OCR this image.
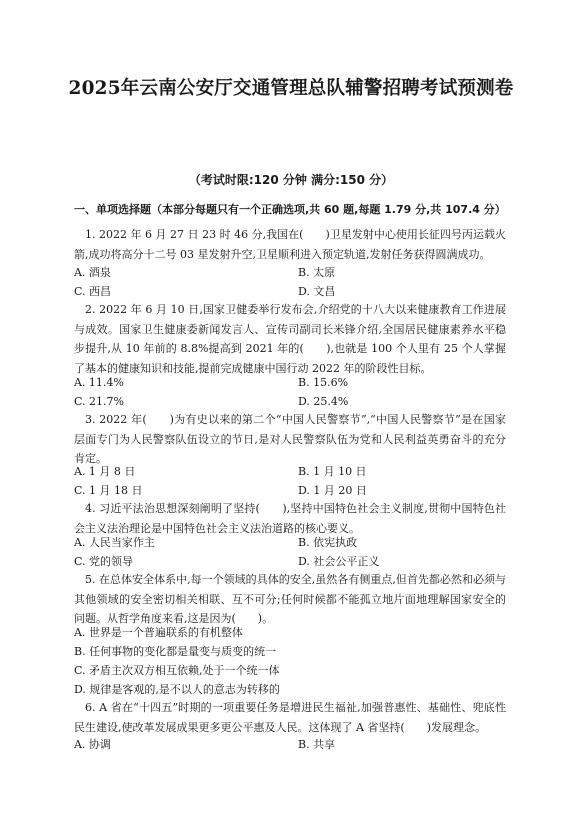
2025年云南公安厅交通管理总队辅警招聘考试预测卷
（考试时限:120 分钟 满分:150 分）
一、单项选择题（本部分每题只有一个正确选项,共 60 题,每题 1.79 分,共 107.4 分）
1. 2022 年 6 月 27 日 23 时 46 分,我国在(　　)卫星发射中心使用长征四号丙运载火箭,成功将高分十二号 03 星发射升空,卫星顺利进入预定轨道,发射任务获得圆满成功。
A. 酒泉	B. 太原
C. 西昌	D. 文昌
2. 2022 年 6 月 10 日,国家卫健委举行发布会,介绍党的十八大以来健康教育工作进展与成效。国家卫生健康委新闻发言人、宣传司副司长米锋介绍,全国居民健康素养水平稳步提升,从 10 年前的 8.8%提高到 2021 年的(　　),也就是 100 个人里有 25 个人掌握了基本的健康知识和技能,提前完成健康中国行动 2022 年的阶段性目标。
A. 11.4%	B. 15.6%
C. 21.7%	D. 25.4%
3. 2022 年(　　)为有史以来的第二个“中国人民警察节”,“中国人民警察节”是在国家层面专门为人民警察队伍设立的节日,是对人民警察队伍为党和人民利益英勇奋斗的充分肯定。
A. 1 月 8 日	B. 1 月 10 日
C. 1 月 18 日	D. 1 月 20 日
4. 习近平法治思想深刻阐明了坚持(　　),坚持中国特色社会主义制度,贯彻中国特色社会主义法治理论是中国特色社会主义法治道路的核心要义。
A. 人民当家作主	B. 依宪执政
C. 党的领导	D. 社会公平正义
5. 在总体安全体系中,每一个领域的具体的安全,虽然各有侧重点,但首先都必然和必须与其他领域的安全密切相关相联、互不可分;任何时候都不能孤立地片面地理解国家安全的问题。从哲学角度来看,这是因为(　　)。
A. 世界是一个普遍联系的有机整体
B. 任何事物的变化都是量变与质变的统一
C. 矛盾主次双方相互依赖,处于一个统一体
D. 规律是客观的,是不以人的意志为转移的
6. A 省在“十四五”时期的一项重要任务是增进民生福祉,加强普惠性、基础性、兜底性民生建设,使改革发展成果更多更公平惠及人民。这体现了 A 省坚持(　　)发展理念。
A. 协调	B. 共享
